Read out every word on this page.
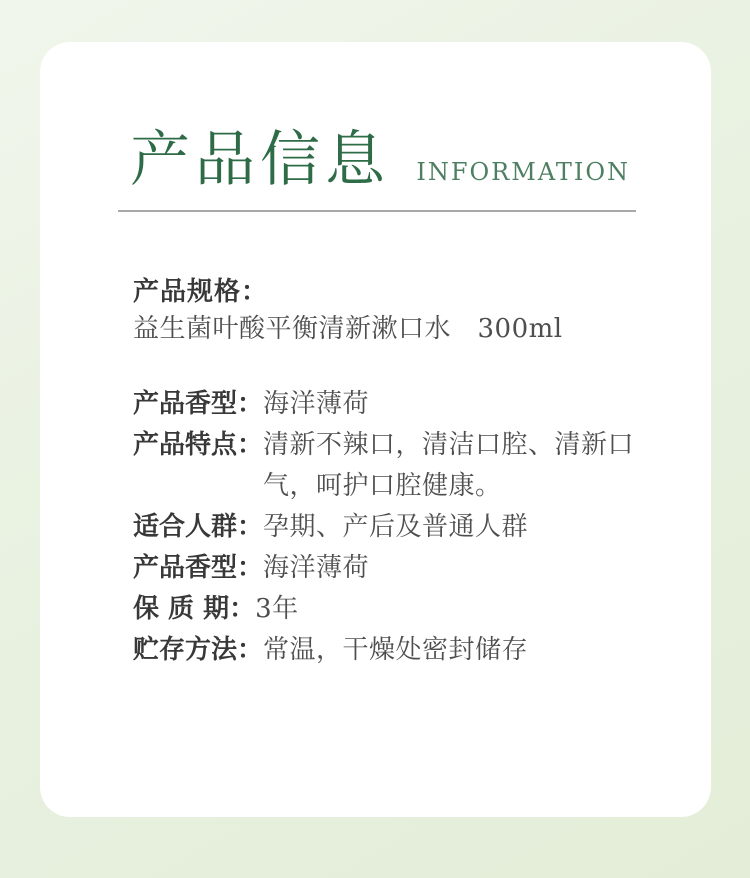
产品信息 INFORMATION
产品规格：
益生菌叶酸平衡清新漱口水　300ml
产品香型： 海洋薄荷
产品特点： 清新不辣口，清洁口腔、清新口气，呵护口腔健康。
适合人群： 孕期、产后及普通人群
产品香型： 海洋薄荷
保 质 期： 3年
贮存方法： 常温，干燥处密封储存
